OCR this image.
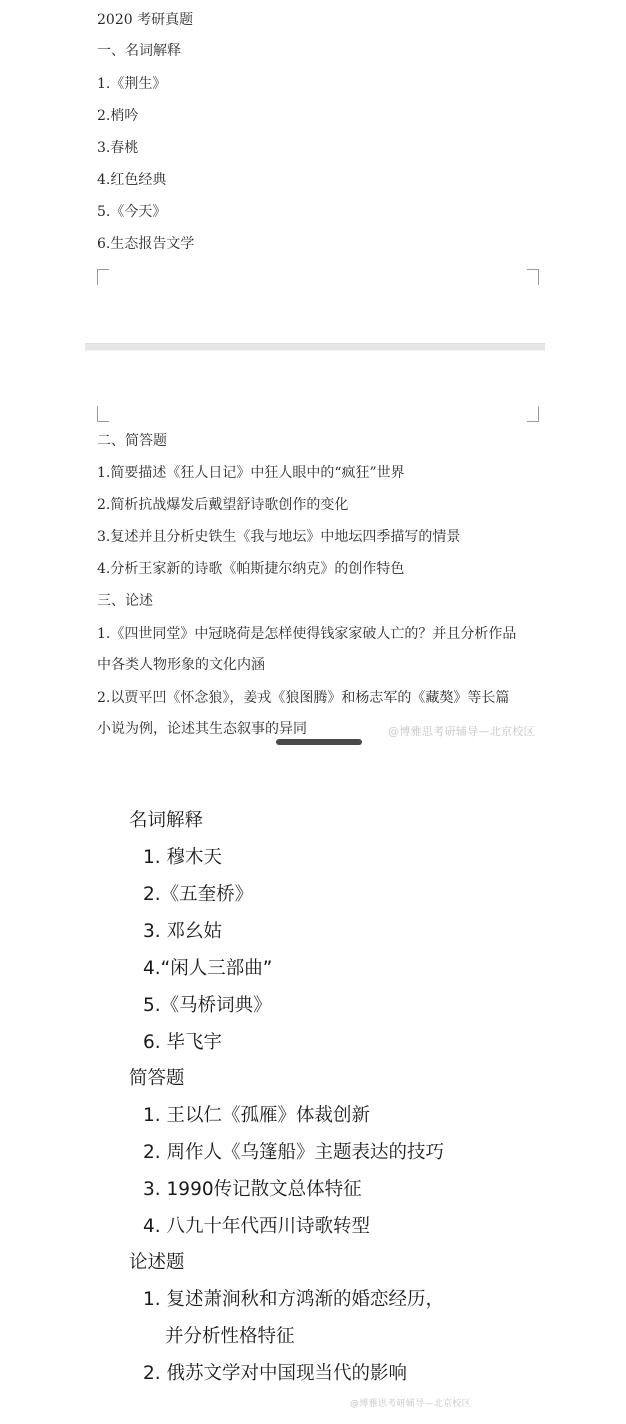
2020 考研真题
一、名词解释
1.《荆生》
2.梢吟
3.春桃
4.红色经典
5.《今天》
6.生态报告文学
二、简答题
1.简要描述《狂人日记》中狂人眼中的“疯狂”世界
2.简析抗战爆发后戴望舒诗歌创作的变化
3.复述并且分析史铁生《我与地坛》中地坛四季描写的情景
4.分析王家新的诗歌《帕斯捷尔纳克》的创作特色
三、论述
1.《四世同堂》中冠晓荷是怎样使得钱家家破人亡的？并且分析作品
中各类人物形象的文化内涵
2.以贾平凹《怀念狼》，姜戎《狼图腾》和杨志军的《藏獒》等长篇
小说为例，论述其生态叙事的异同	@博雅思考研辅导—北京校区
名词解释
1. 穆木天
2.《五奎桥》
3. 邓幺姑
4.“闲人三部曲”
5.《马桥词典》
6. 毕飞宇
简答题
1. 王以仁《孤雁》体裁创新
2. 周作人《乌篷船》主题表达的技巧
3. 1990传记散文总体特征
4. 八九十年代西川诗歌转型
论述题
1. 复述萧涧秋和方鸿渐的婚恋经历，
并分析性格特征
2. 俄苏文学对中国现当代的影响
@博雅思考研辅导—北京校区
